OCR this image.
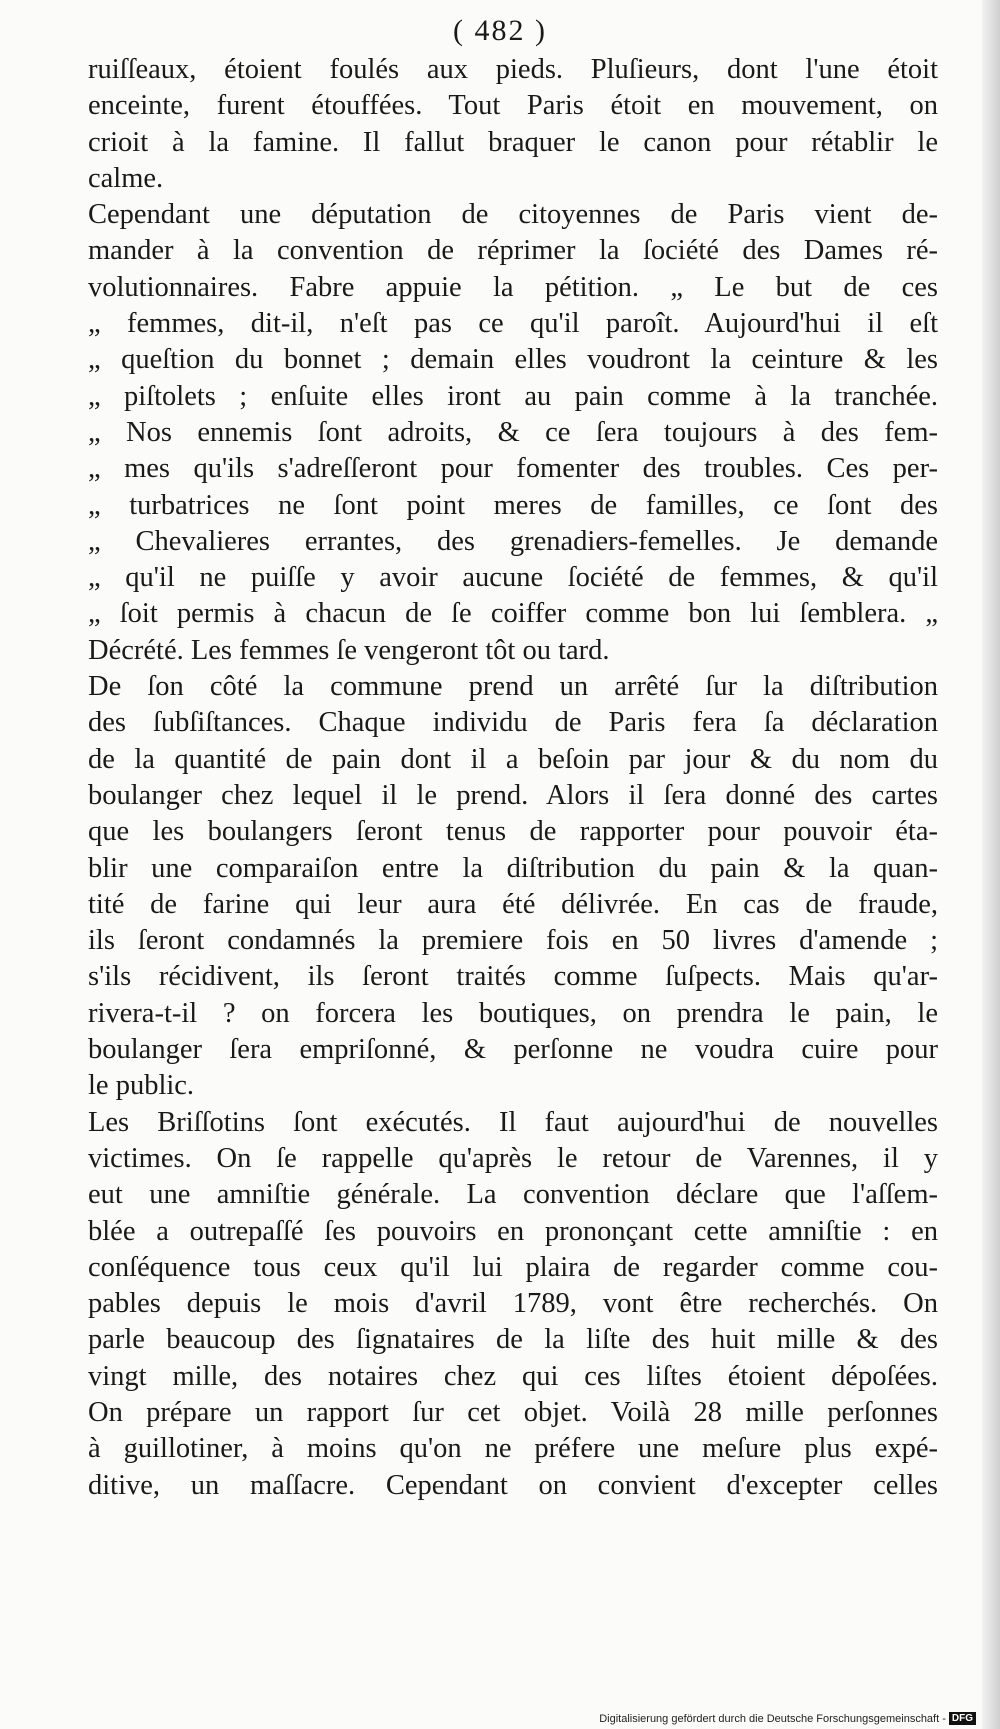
( 482 )
ruiſſeaux, étoient foulés aux pieds. Pluſieurs, dont l'une étoit
enceinte, furent étouffées. Tout Paris étoit en mouvement, on
crioit à la famine. Il fallut braquer le canon pour rétablir le
calme.
Cependant une députation de citoyennes de Paris vient de-
mander à la convention de réprimer la ſociété des Dames ré-
volutionnaires. Fabre appuie la pétition. „ Le but de ces
„ femmes, dit-il, n'eſt pas ce qu'il paroît. Aujourd'hui il eſt
„ queſtion du bonnet ; demain elles voudront la ceinture & les
„ piſtolets ; enſuite elles iront au pain comme à la tranchée.
„ Nos ennemis ſont adroits, & ce ſera toujours à des fem-
„ mes qu'ils s'adreſſeront pour fomenter des troubles. Ces per-
„ turbatrices ne ſont point meres de familles, ce ſont des
„ Chevalieres errantes, des grenadiers-femelles. Je demande
„ qu'il ne puiſſe y avoir aucune ſociété de femmes, & qu'il
„ ſoit permis à chacun de ſe coiffer comme bon lui ſemblera. „
Décrété. Les femmes ſe vengeront tôt ou tard.
De ſon côté la commune prend un arrêté ſur la diſtribution
des ſubſiſtances. Chaque individu de Paris fera ſa déclaration
de la quantité de pain dont il a beſoin par jour & du nom du
boulanger chez lequel il le prend. Alors il ſera donné des cartes
que les boulangers ſeront tenus de rapporter pour pouvoir éta-
blir une comparaiſon entre la diſtribution du pain & la quan-
tité de farine qui leur aura été délivrée. En cas de fraude,
ils ſeront condamnés la premiere fois en 50 livres d'amende ;
s'ils récidivent, ils ſeront traités comme ſuſpects. Mais qu'ar-
rivera-t-il ? on forcera les boutiques, on prendra le pain, le
boulanger ſera empriſonné, & perſonne ne voudra cuire pour
le public.
Les Briſſotins ſont exécutés. Il faut aujourd'hui de nouvelles
victimes. On ſe rappelle qu'après le retour de Varennes, il y
eut une amniſtie générale. La convention déclare que l'aſſem-
blée a outrepaſſé ſes pouvoirs en prononçant cette amniſtie : en
conſéquence tous ceux qu'il lui plaira de regarder comme cou-
pables depuis le mois d'avril 1789, vont être recherchés. On
parle beaucoup des ſignataires de la liſte des huit mille & des
vingt mille, des notaires chez qui ces liſtes étoient dépoſées.
On prépare un rapport ſur cet objet. Voilà 28 mille perſonnes
à guillotiner, à moins qu'on ne préfere une meſure plus expé-
ditive, un maſſacre. Cependant on convient d'excepter celles
Digitalisierung gefördert durch die Deutsche Forschungsgemeinschaft - DFG
